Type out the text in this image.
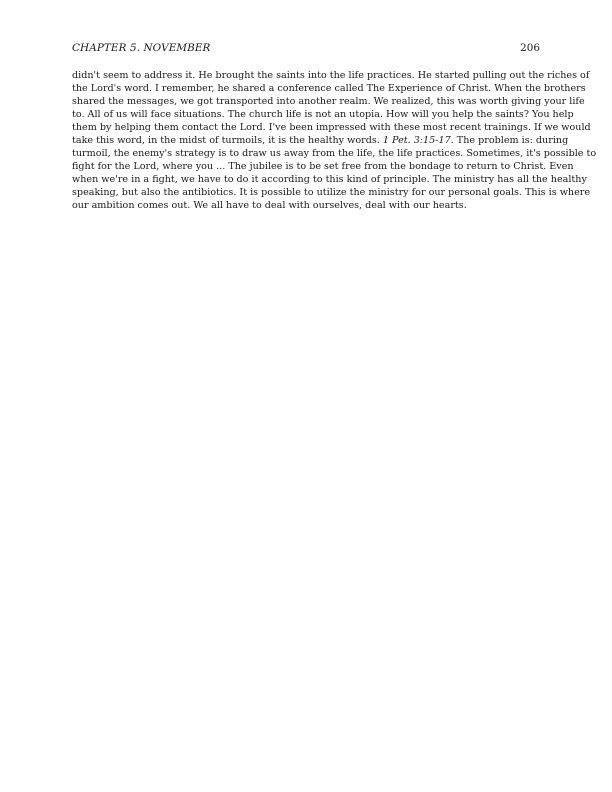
CHAPTER 5. NOVEMBER	206
didn't seem to address it. He brought the saints into the life practices. He started pulling out the riches of
the Lord's word. I remember, he shared a conference called The Experience of Christ. When the brothers
shared the messages, we got transported into another realm. We realized, this was worth giving your life
to. All of us will face situations. The church life is not an utopia. How will you help the saints? You help
them by helping them contact the Lord. I've been impressed with these most recent trainings. If we would
take this word, in the midst of turmoils, it is the healthy words. 1 Pet. 3:15-17. The problem is: during
turmoil, the enemy's strategy is to draw us away from the life, the life practices. Sometimes, it's possible to
fight for the Lord, where you ... The jubilee is to be set free from the bondage to return to Christ. Even
when we're in a fight, we have to do it according to this kind of principle. The ministry has all the healthy
speaking, but also the antibiotics. It is possible to utilize the ministry for our personal goals. This is where
our ambition comes out. We all have to deal with ourselves, deal with our hearts.
